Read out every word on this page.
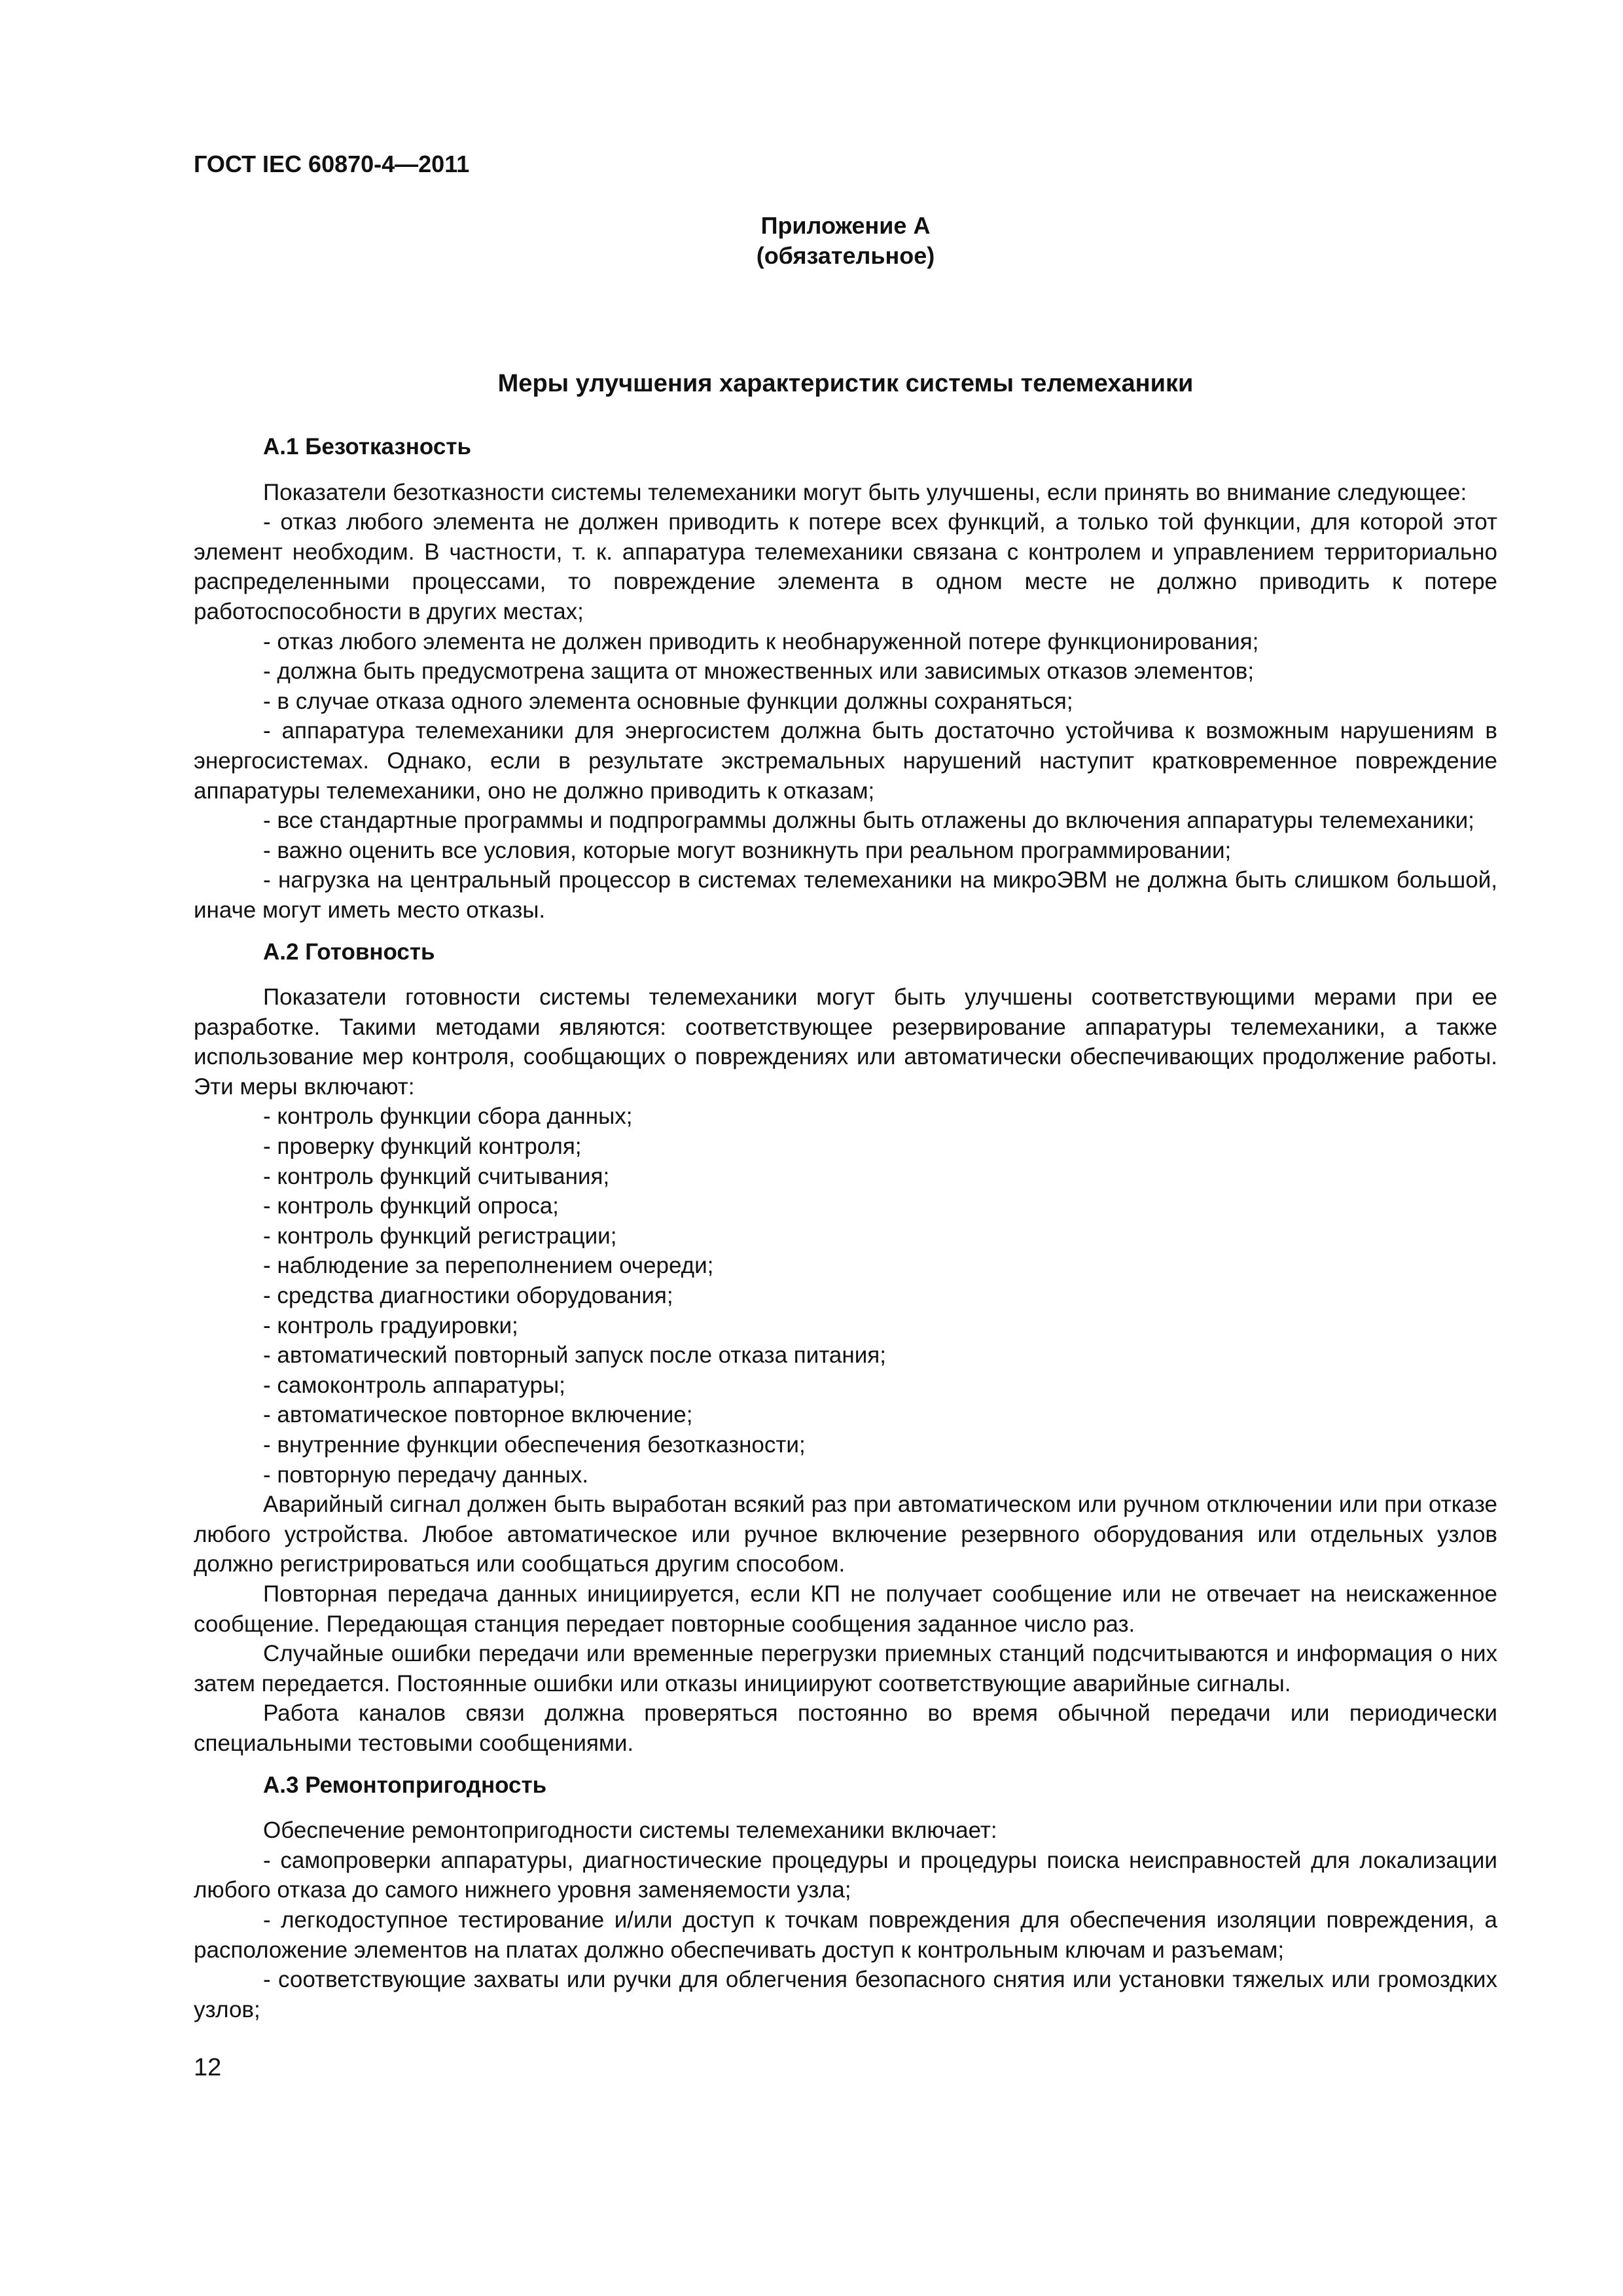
ГОСТ IEC 60870-4—2011
Приложение А
(обязательное)
Меры улучшения характеристик системы телемеханики
А.1 Безотказность

Показатели безотказности системы телемеханики могут быть улучшены, если принять во внимание следующее:

- отказ любого элемента не должен приводить к потере всех функций, а только той функции, для которой этот элемент необходим. В частности, т. к. аппаратура телемеханики связана с контролем и управлением территориально распределенными процессами, то повреждение элемента в одном месте не должно приводить к потере работоспособности в других местах;

- отказ любого элемента не должен приводить к необнаруженной потере функционирования;

- должна быть предусмотрена защита от множественных или зависимых отказов элементов;

- в случае отказа одного элемента основные функции должны сохраняться;

- аппаратура телемеханики для энергосистем должна быть достаточно устойчива к возможным нарушениям в энергосистемах. Однако, если в результате экстремальных нарушений наступит кратковременное повреждение аппаратуры телемеханики, оно не должно приводить к отказам;

- все стандартные программы и подпрограммы должны быть отлажены до включения аппаратуры телемеханики;

- важно оценить все условия, которые могут возникнуть при реальном программировании;

- нагрузка на центральный процессор в системах телемеханики на микроЭВМ не должна быть слишком большой, иначе могут иметь место отказы.

А.2 Готовность

Показатели готовности системы телемеханики могут быть улучшены соответствующими мерами при ее разработке. Такими методами являются: соответствующее резервирование аппаратуры телемеханики, а также использование мер контроля, сообщающих о повреждениях или автоматически обеспечивающих продолжение работы. Эти меры включают:

- контроль функции сбора данных;

- проверку функций контроля;

- контроль функций считывания;

- контроль функций опроса;

- контроль функций регистрации;

- наблюдение за переполнением очереди;

- средства диагностики оборудования;

- контроль градуировки;

- автоматический повторный запуск после отказа питания;

- самоконтроль аппаратуры;

- автоматическое повторное включение;

- внутренние функции обеспечения безотказности;

- повторную передачу данных.

Аварийный сигнал должен быть выработан всякий раз при автоматическом или ручном отключении или при отказе любого устройства. Любое автоматическое или ручное включение резервного оборудования или отдельных узлов должно регистрироваться или сообщаться другим способом.

Повторная передача данных инициируется, если КП не получает сообщение или не отвечает на неискаженное сообщение. Передающая станция передает повторные сообщения заданное число раз.

Случайные ошибки передачи или временные перегрузки приемных станций подсчитываются и информация о них затем передается. Постоянные ошибки или отказы инициируют соответствующие аварийные сигналы.

Работа каналов связи должна проверяться постоянно во время обычной передачи или периодически специальными тестовыми сообщениями.

А.3 Ремонтопригодность

Обеспечение ремонтопригодности системы телемеханики включает:

- самопроверки аппаратуры, диагностические процедуры и процедуры поиска неисправностей для локализации любого отказа до самого нижнего уровня заменяемости узла;

- легкодоступное тестирование и/или доступ к точкам повреждения для обеспечения изоляции повреждения, а расположение элементов на платах должно обеспечивать доступ к контрольным ключам и разъемам;

- соответствующие захваты или ручки для облегчения безопасного снятия или установки тяжелых или громоздких узлов;

12
